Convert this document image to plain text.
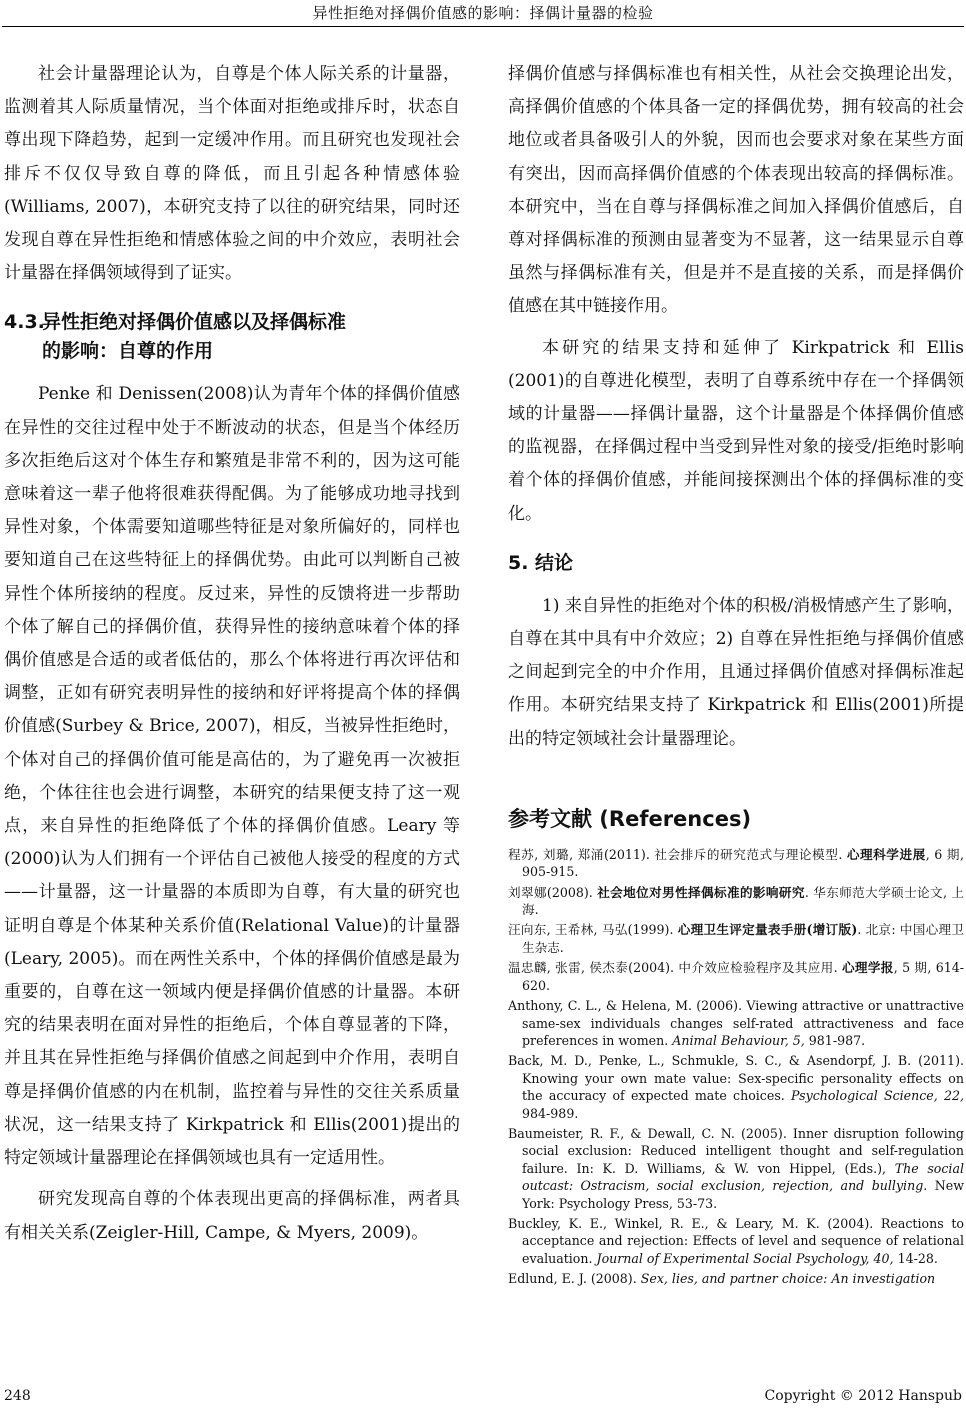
异性拒绝对择偶价值感的影响：择偶计量器的检验

社会计量器理论认为，自尊是个体人际关系的计量器，监测着其人际质量情况，当个体面对拒绝或排斥时，状态自尊出现下降趋势，起到一定缓冲作用。而且研究也发现社会排斥不仅仅导致自尊的降低，而且引起各种情感体验(Williams, 2007)，本研究支持了以往的研究结果，同时还发现自尊在异性拒绝和情感体验之间的中介效应，表明社会计量器在择偶领域得到了证实。

4.3.异性拒绝对择偶价值感以及择偶标准
的影响：自尊的作用

Penke 和 Denissen(2008)认为青年个体的择偶价值感在异性的交往过程中处于不断波动的状态，但是当个体经历多次拒绝后这对个体生存和繁殖是非常不利的，因为这可能意味着这一辈子他将很难获得配偶。为了能够成功地寻找到异性对象，个体需要知道哪些特征是对象所偏好的，同样也要知道自己在这些特征上的择偶优势。由此可以判断自己被异性个体所接纳的程度。反过来，异性的反馈将进一步帮助个体了解自己的择偶价值，获得异性的接纳意味着个体的择偶价值感是合适的或者低估的，那么个体将进行再次评估和调整，正如有研究表明异性的接纳和好评将提高个体的择偶价值感(Surbey & Brice, 2007)，相反，当被异性拒绝时，个体对自己的择偶价值可能是高估的，为了避免再一次被拒绝，个体往往也会进行调整，本研究的结果便支持了这一观点，来自异性的拒绝降低了个体的择偶价值感。Leary 等(2000)认为人们拥有一个评估自己被他人接受的程度的方式——计量器，这一计量器的本质即为自尊，有大量的研究也证明自尊是个体某种关系价值(Relational Value)的计量器(Leary, 2005)。而在两性关系中，个体的择偶价值感是最为重要的，自尊在这一领域内便是择偶价值感的计量器。本研究的结果表明在面对异性的拒绝后，个体自尊显著的下降，并且其在异性拒绝与择偶价值感之间起到中介作用，表明自尊是择偶价值感的内在机制，监控着与异性的交往关系质量状况，这一结果支持了 Kirkpatrick 和 Ellis(2001)提出的特定领域计量器理论在择偶领域也具有一定适用性。

研究发现高自尊的个体表现出更高的择偶标准，两者具有相关关系(Zeigler-Hill, Campe, & Myers, 2009)。

择偶价值感与择偶标准也有相关性，从社会交换理论出发，高择偶价值感的个体具备一定的择偶优势，拥有较高的社会地位或者具备吸引人的外貌，因而也会要求对象在某些方面有突出，因而高择偶价值感的个体表现出较高的择偶标准。本研究中，当在自尊与择偶标准之间加入择偶价值感后，自尊对择偶标准的预测由显著变为不显著，这一结果显示自尊虽然与择偶标准有关，但是并不是直接的关系，而是择偶价值感在其中链接作用。

本研究的结果支持和延伸了 Kirkpatrick 和 Ellis (2001)的自尊进化模型，表明了自尊系统中存在一个择偶领域的计量器——择偶计量器，这个计量器是个体择偶价值感的监视器，在择偶过程中当受到异性对象的接受/拒绝时影响着个体的择偶价值感，并能间接探测出个体的择偶标准的变化。

5. 结论

1) 来自异性的拒绝对个体的积极/消极情感产生了影响，自尊在其中具有中介效应；2) 自尊在异性拒绝与择偶价值感之间起到完全的中介作用，且通过择偶价值感对择偶标准起作用。本研究结果支持了 Kirkpatrick 和 Ellis(2001)所提出的特定领域社会计量器理论。

参考文献 (References)

程苏, 刘璐, 郑涌(2011). 社会排斥的研究范式与理论模型. 心理科学进展, 6 期, 905-915.

刘翠娜(2008). 社会地位对男性择偶标准的影响研究. 华东师范大学硕士论文, 上海.

汪向东, 王希林, 马弘(1999). 心理卫生评定量表手册(增订版). 北京: 中国心理卫生杂志.

温忠麟, 张雷, 侯杰泰(2004). 中介效应检验程序及其应用. 心理学报, 5 期, 614-620.

Anthony, C. L., & Helena, M. (2006). Viewing attractive or unattractive same-sex individuals changes self-rated attractiveness and face preferences in women. Animal Behaviour, 5, 981-987.

Back, M. D., Penke, L., Schmukle, S. C., & Asendorpf, J. B. (2011). Knowing your own mate value: Sex-specific personality effects on the accuracy of expected mate choices. Psychological Science, 22, 984-989.

Baumeister, R. F., & Dewall, C. N. (2005). Inner disruption following social exclusion: Reduced intelligent thought and self-regulation failure. In: K. D. Williams, & W. von Hippel, (Eds.), The social outcast: Ostracism, social exclusion, rejection, and bullying. New York: Psychology Press, 53-73.

Buckley, K. E., Winkel, R. E., & Leary, M. K. (2004). Reactions to acceptance and rejection: Effects of level and sequence of relational evaluation. Journal of Experimental Social Psychology, 40, 14-28.

Edlund, E. J. (2008). Sex, lies, and partner choice: An investigation

248	Copyright © 2012 Hanspub
